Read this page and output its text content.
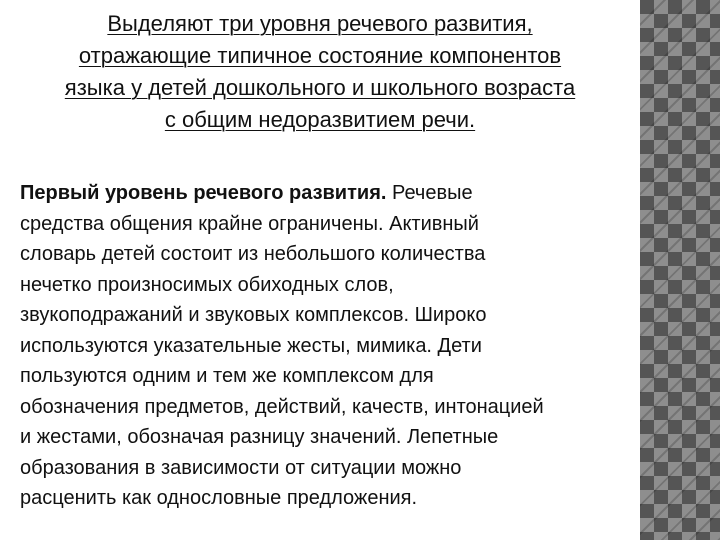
Выделяют три уровня речевого развития,
отражающие типичное состояние компонентов
языка у детей дошкольного и школьного возраста
с общим недоразвитием речи.
Первый уровень речевого развития. Речевые
средства общения крайне ограничены. Активный
словарь детей состоит из небольшого количества
нечетко произносимых обиходных слов,
звукоподражаний и звуковых комплексов. Широко
используются указательные жесты, мимика. Дети
пользуются одним и тем же комплексом для
обозначения предметов, действий, качеств, интонацией
и жестами, обозначая разницу значений. Лепетные
образования в зависимости от ситуации можно
расценить как однословные предложения.
